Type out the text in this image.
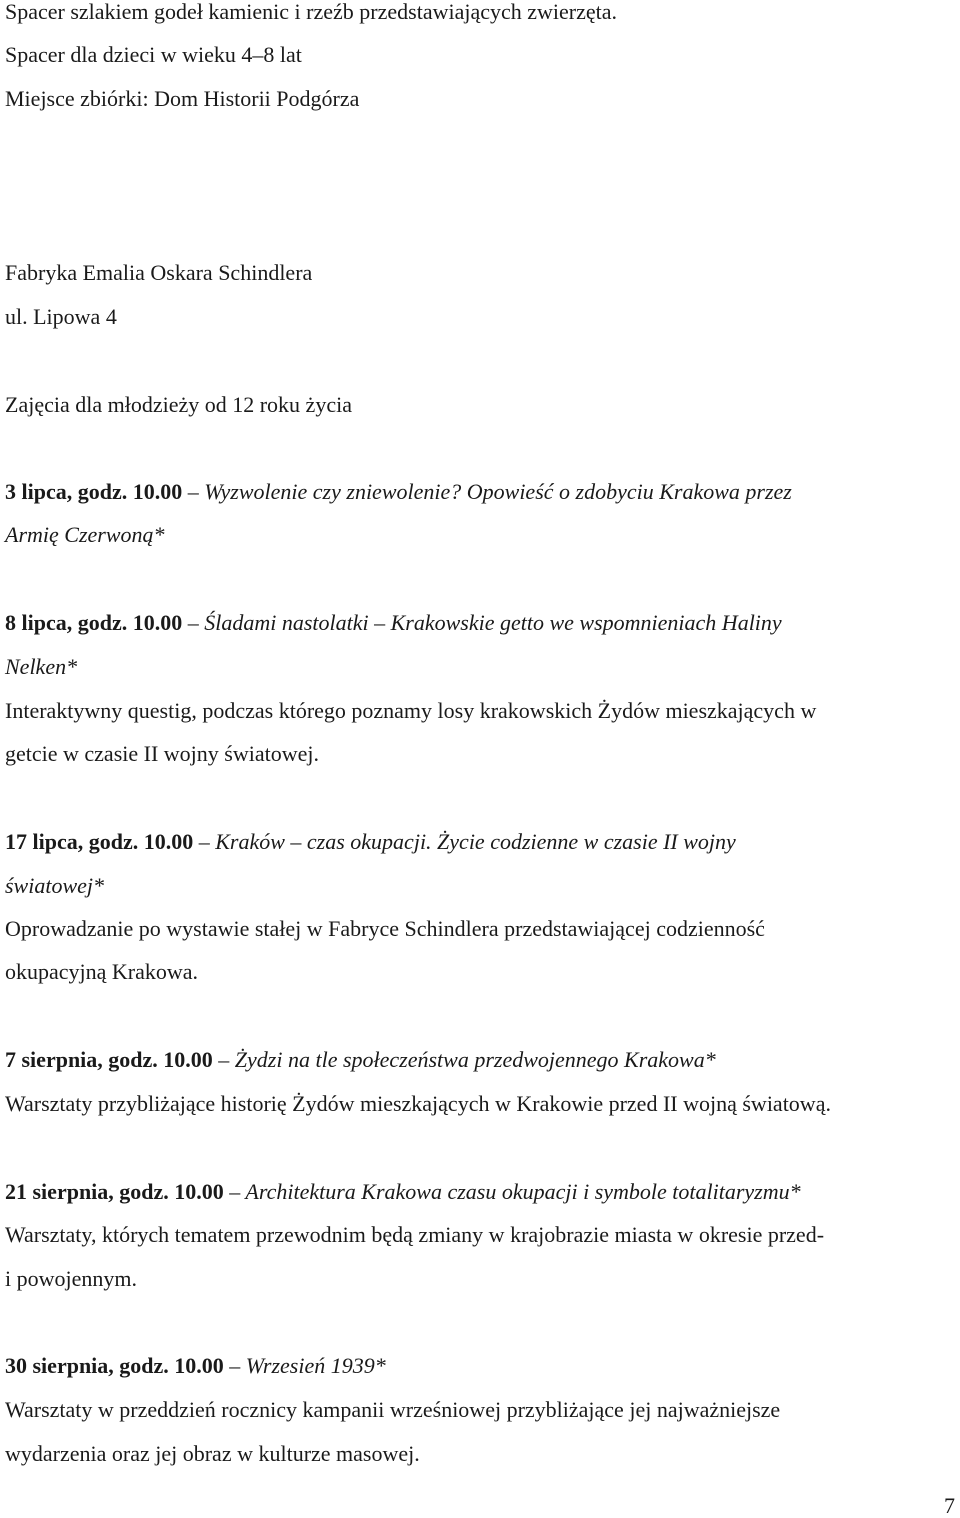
Spacer szlakiem godeł kamienic i rzeźb przedstawiających zwierzęta.
Spacer dla dzieci w wieku 4–8 lat
Miejsce zbiórki: Dom Historii Podgórza
Fabryka Emalia Oskara Schindlera
ul. Lipowa 4
Zajęcia dla młodzieży od 12 roku życia
3 lipca, godz. 10.00 – Wyzwolenie czy zniewolenie? Opowieść o zdobyciu Krakowa przez
Armię Czerwoną*
8 lipca, godz. 10.00 – Śladami nastolatki – Krakowskie getto we wspomnieniach Haliny
Nelken*
Interaktywny questig, podczas którego poznamy losy krakowskich Żydów mieszkających w
getcie w czasie II wojny światowej.
17 lipca, godz. 10.00 – Kraków – czas okupacji. Życie codzienne w czasie II wojny
światowej*
Oprowadzanie po wystawie stałej w Fabryce Schindlera przedstawiającej codzienność
okupacyjną Krakowa.
7 sierpnia, godz. 10.00 – Żydzi na tle społeczeństwa przedwojennego Krakowa*
Warsztaty przybliżające historię Żydów mieszkających w Krakowie przed II wojną światową.
21 sierpnia, godz. 10.00 – Architektura Krakowa czasu okupacji i symbole totalitaryzmu*
Warsztaty, których tematem przewodnim będą zmiany w krajobrazie miasta w okresie przed-
i powojennym.
30 sierpnia, godz. 10.00 – Wrzesień 1939*
Warsztaty w przeddzień rocznicy kampanii wrześniowej przybliżające jej najważniejsze
wydarzenia oraz jej obraz w kulturze masowej.
7
